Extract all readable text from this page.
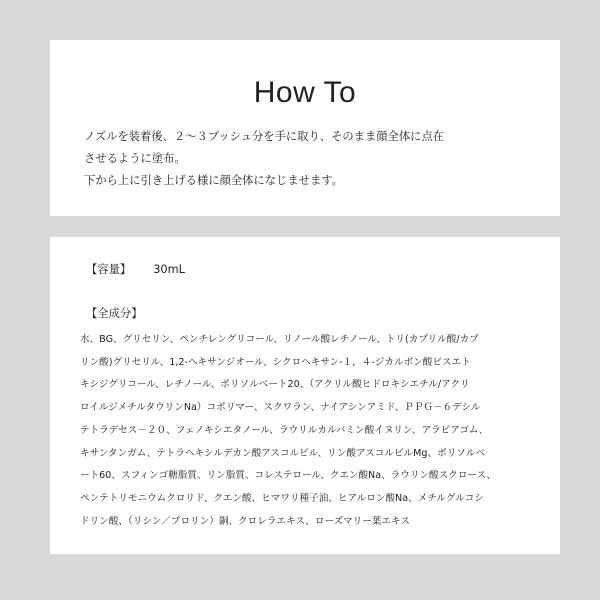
How To
ノズルを装着後、２～３プッシュ分を手に取り、そのまま顔全体に点在
させるように塗布。
下から上に引き上げる様に顔全体になじませます。
【容量】 30mL
【全成分】
水、BG、グリセリン、ペンチレングリコール、リノール酸レチノール、トリ(カプリル酸/カプ
リン酸)グリセリル、1,2-ヘキサンジオール、シクロヘキサン-１，４-ジカルボン酸ビスエト
キシジグリコール、レチノール、ポリソルベート20、（アクリル酸ヒドロキシエチル/アクリ
ロイルジメチルタウリンNa）コポリマー、スクワラン、ナイアシンアミド、ＰＰＧ－６デシル
テトラデセス－２０、フェノキシエタノール、ラウリルカルバミン酸イヌリン、アラビアゴム、
キサンタンガム、テトラヘキシルデカン酸アスコルビル、リン酸アスコルビルMg、ポリソルベ
ート60、スフィンゴ糖脂質、リン脂質、コレステロール、クエン酸Na、ラウリン酸スクロース、
ペンテトリモニウムクロリド、クエン酸、ヒマワリ種子油、ヒアルロン酸Na、メチルグルコシ
ドリン酸、（リシン／プロリン）銅、クロレラエキス、ローズマリー葉エキス
